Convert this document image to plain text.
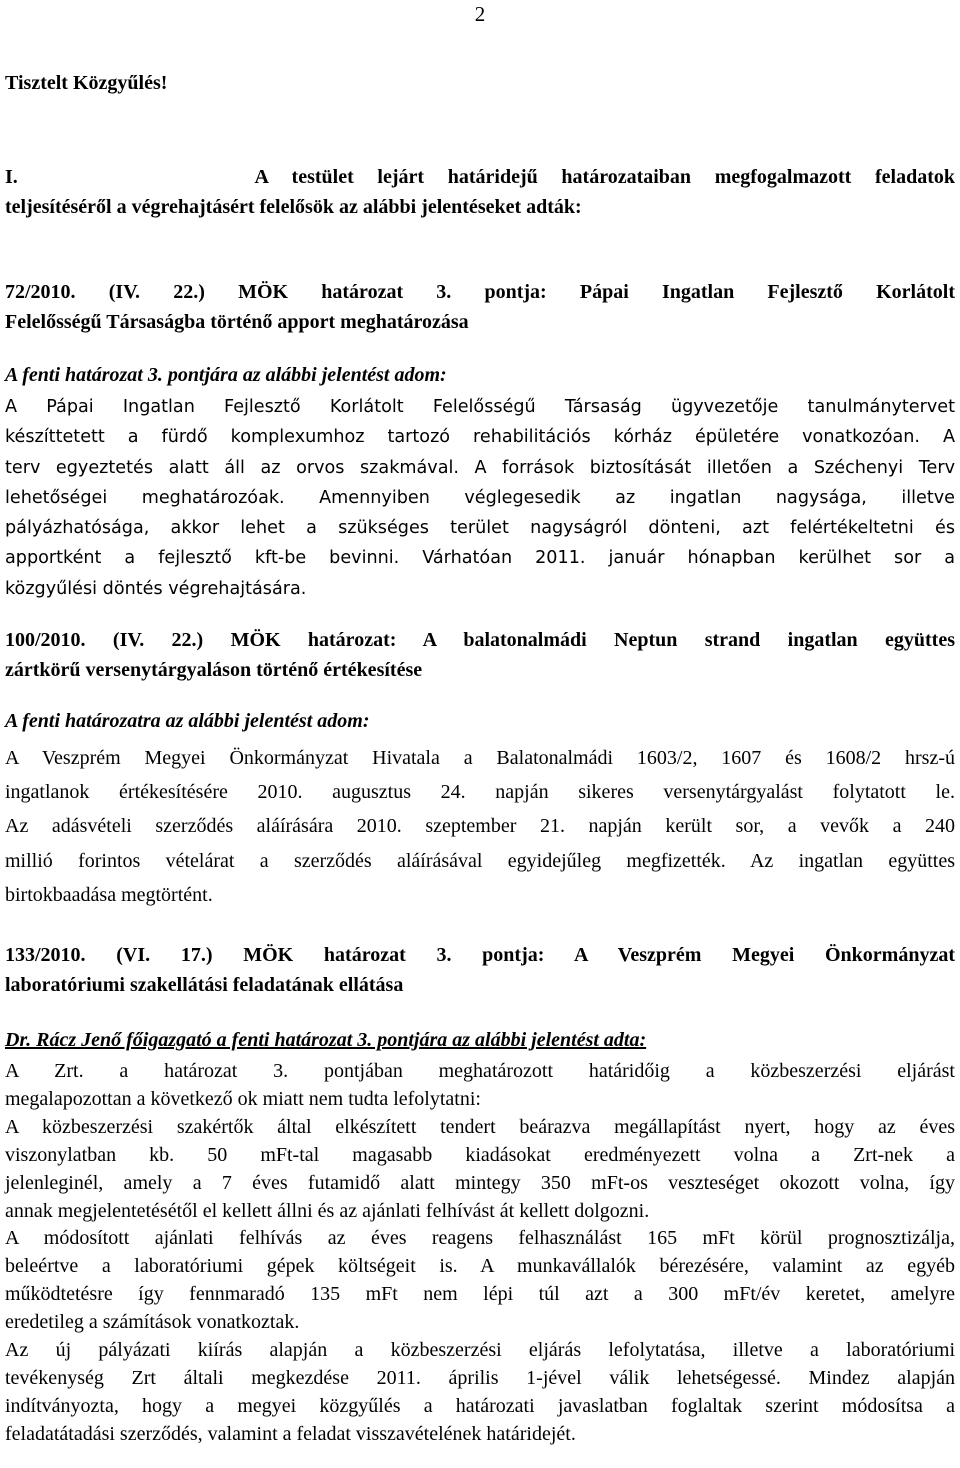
2
Tisztelt Közgyűlés!
I.	A testület lejárt határidejű határozataiban megfogalmazott feladatok
teljesítéséről a végrehajtásért felelősök az alábbi jelentéseket adták:
72/2010. (IV. 22.) MÖK határozat 3. pontja: Pápai Ingatlan Fejlesztő Korlátolt
Felelősségű Társaságba történő apport meghatározása
A fenti határozat 3. pontjára az alábbi jelentést adom:
A Pápai Ingatlan Fejlesztő Korlátolt Felelősségű Társaság ügyvezetője tanulmánytervet
készíttetett a fürdő komplexumhoz tartozó rehabilitációs kórház épületére vonatkozóan. A
terv egyeztetés alatt áll az orvos szakmával. A források biztosítását illetően a Széchenyi Terv
lehetőségei meghatározóak. Amennyiben véglegesedik az ingatlan nagysága, illetve
pályázhatósága, akkor lehet a szükséges terület nagyságról dönteni, azt felértékeltetni és
apportként a fejlesztő kft-be bevinni. Várhatóan 2011. január hónapban kerülhet sor a
közgyűlési döntés végrehajtására.
100/2010. (IV. 22.) MÖK határozat: A balatonalmádi Neptun strand ingatlan együttes
zártkörű versenytárgyaláson történő értékesítése
A fenti határozatra az alábbi jelentést adom:
A Veszprém Megyei Önkormányzat Hivatala a Balatonalmádi 1603/2, 1607 és 1608/2 hrsz-ú
ingatlanok értékesítésére 2010. augusztus 24. napján sikeres versenytárgyalást folytatott le.
Az adásvételi szerződés aláírására 2010. szeptember 21. napján került sor, a vevők a 240
millió forintos vételárat a szerződés aláírásával egyidejűleg megfizették. Az ingatlan együttes
birtokbaadása megtörtént.
133/2010. (VI. 17.) MÖK határozat 3. pontja: A Veszprém Megyei Önkormányzat
laboratóriumi szakellátási feladatának ellátása
Dr. Rácz Jenő főigazgató a fenti határozat 3. pontjára az alábbi jelentést adta:
A Zrt. a határozat 3. pontjában meghatározott határidőig a közbeszerzési eljárást
megalapozottan a következő ok miatt nem tudta lefolytatni:
A közbeszerzési szakértők által elkészített tendert beárazva megállapítást nyert, hogy az éves
viszonylatban kb. 50 mFt-tal magasabb kiadásokat eredményezett volna a Zrt-nek a
jelenleginél, amely a 7 éves futamidő alatt mintegy 350 mFt-os veszteséget okozott volna, így
annak megjelentetésétől el kellett állni és az ajánlati felhívást át kellett dolgozni.
A módosított ajánlati felhívás az éves reagens felhasználást 165 mFt körül prognosztizálja,
beleértve a laboratóriumi gépek költségeit is. A munkavállalók bérezésére, valamint az egyéb
működtetésre így fennmaradó 135 mFt nem lépi túl azt a 300 mFt/év keretet, amelyre
eredetileg a számítások vonatkoztak.
Az új pályázati kiírás alapján a közbeszerzési eljárás lefolytatása, illetve a laboratóriumi
tevékenység Zrt általi megkezdése 2011. április 1-jével válik lehetségessé. Mindez alapján
indítványozta, hogy a megyei közgyűlés a határozati javaslatban foglaltak szerint módosítsa a
feladatátadási szerződés, valamint a feladat visszavételének határidejét.
